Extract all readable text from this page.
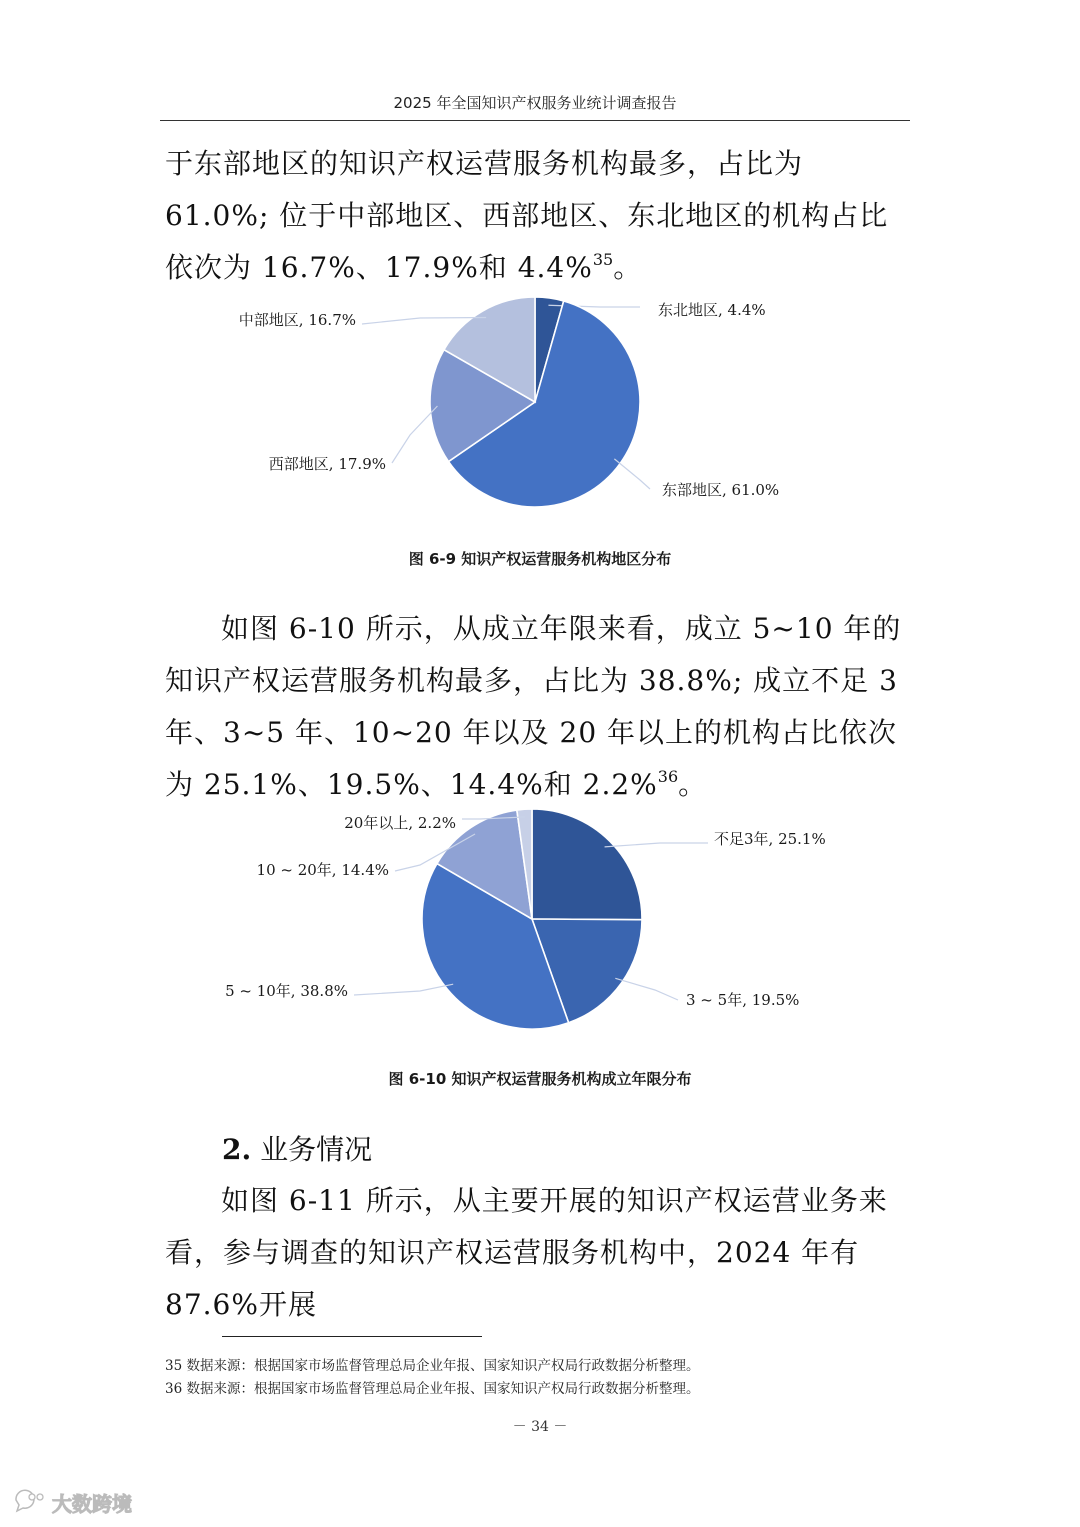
2025 年全国知识产权服务业统计调查报告

于东部地区的知识产权运营服务机构最多，占比为 61.0%; 位于中部地区、西部地区、东北地区的机构占比依次为 16.7%、17.9%和 4.4%$^{35}$。

东北地区, 4.4%
东部地区, 61.0%
西部地区, 17.9%
中部地区, 16.7%
图 6-9 知识产权运营服务机构地区分布

如图 6-10 所示，从成立年限来看，成立 5~10 年的知识产权运营服务机构最多，占比为 38.8%; 成立不足 3 年、3~5 年、10~20 年以及 20 年以上的机构占比依次为 25.1%、19.5%、14.4%和 2.2%$^{36}$。

不足3年, 25.1%
3 ~ 5年, 19.5%
5 ~ 10年, 38.8%
10 ~ 20年, 14.4%
20年以上, 2.2%
图 6-10 知识产权运营服务机构成立年限分布
2. 业务情况

如图 6-11 所示，从主要开展的知识产权运营业务来看，参与调查的知识产权运营服务机构中，2024 年有 87.6%开展

35 数据来源：根据国家市场监督管理总局企业年报、国家知识产权局行政数据分析整理。
36 数据来源：根据国家市场监督管理总局企业年报、国家知识产权局行政数据分析整理。
－ 34 －
大数跨境
